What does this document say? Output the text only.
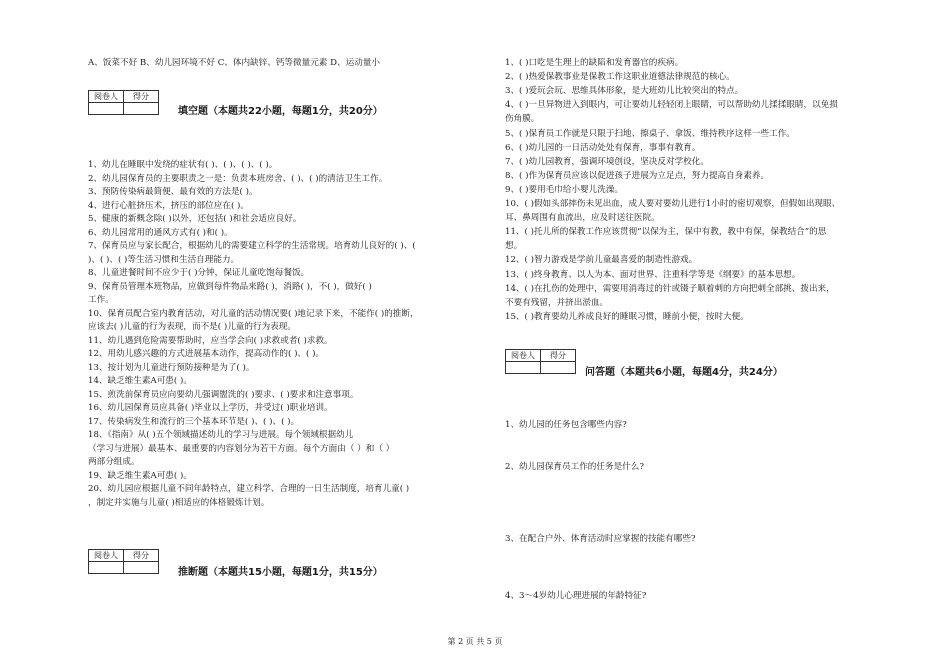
A、饭菜不好 B、幼儿园环境不好 C、体内缺锌、钙等微量元素 D、运动量小
阅卷人	得分

填空题（本题共22小题，每题1分，共20分）
1、幼儿在睡眠中发绕的症状有( )、( )、( )、( )。
2、幼儿园保育员的主要职责之一是：负责本班房舍、( )、( )的清洁卫生工作。
3、预防传染病最简便、最有效的方法是( )。
4、进行心脏挤压术，挤压的部位应在( )。
5、健康的新概念除( )以外，还包括( )和社会适应良好。
6、幼儿园常用的通风方式有( )和( )。
7、保育员应与家长配合，根据幼儿的需要建立科学的生活常规。培育幼儿良好的( )、(
)、( )、( )等生活习惯和生活自理能力。
8、儿童进餐时间不应少于( )分钟，保证儿童吃饱每餐饭。
9、保育员管理本班物品，应做到每件物品来路( )，消路( )，不( )，做好( )
工作。
10、保育员配合室内教育活动，对儿童的活动情况要( )地记录下来，不能作( )的推断，
应该去( )儿童的行为表现，而不是( )儿童的行为表现。
11、幼儿遇到危险需要帮助时，应当学会向( )求救或者( )求救。
12、用幼儿感兴趣的方式进展基本动作，提高动作的( )、( )。
13、按计划为儿童进行预防接种是为了( )。
14、缺乏维生素A可患( )。
15、煎洗前保育员应向要幼儿强调盥洗的( )要求、( )要求和注意事项。
16、幼儿园保育员应具备( )毕业以上学历，并受过( )职业培训。
17、传染病发生和流行的三个基本环节是( )、( )、( )。
18、《指南》从( )五个领域描述幼儿的学习与进展。每个领域根据幼儿
（学习与进展）最基本、最重要的内容划分为若干方面。每个方面由（ ）和（ ）
两部分组成。
19、缺乏维生素A可患( )。
20、幼儿园应根据儿童不同年龄特点，建立科学、合理的一日生活制度，培育儿童( )
，制定并实施与儿童( )相适应的体格锻炼计划。
阅卷人	得分

推断题（本题共15小题，每题1分，共15分）
1、( )口吃是生理上的缺陷和发育器官的疾病。
2、( )热爱保教事业是保教工作这职业道德法律规范的核心。
3、( )爱玩会玩、思维具体形象，是大班幼儿比较突出的特点。
4、( )一旦异物进入到眼内，可让要幼儿轻轻闭上眼睛，可以帮助幼儿揉揉眼睛，以免损
伤角膜。
5、( )保育员工作就是只限于扫地、擦桌子、拿饭、维持秩序这样一些工作。
6、( )幼儿园的一日活动处处有保育，事事有教育。
7、( )幼儿园教育，强调环境创设，坚决反对学校化。
8、( )作为保育员应该以促进孩子进展为立足点，努力提高自身素养。
9、( )要用毛巾给小婴儿洗澡。
10、( )假如头部摔伤未见出血，成人要对要幼儿进行1小时的密切观察，但假如出现眼、
耳、鼻周围有血流出，应及时送往医院。
11、( )托儿所的保教工作应该贯彻“以保为主，保中有教，教中有保，保教结合”的思
想。
12、( )智力游戏是学前儿童最喜爱的制造性游戏。
13、( )终身教育、以人为本、面对世界、注重科学等是《纲要》的基本思想。
14、( )在扎伤的处理中，需要用消毒过的针或镊子顺着刺的方向把刺全部挑、拨出来，
不要有残留，并挤出淤血。
15、( )教育要幼儿养成良好的睡眠习惯，睡前小便，按时大便。
阅卷人	得分

问答题（本题共6小题，每题4分，共24分）
1、幼儿园的任务包含哪些内容?
2、幼儿园保育员工作的任务是什么?
3、在配合户外、体育活动时应掌握的技能有哪些?
4、3～4岁幼儿心理进展的年龄特征?
第 2 页 共 5 页
